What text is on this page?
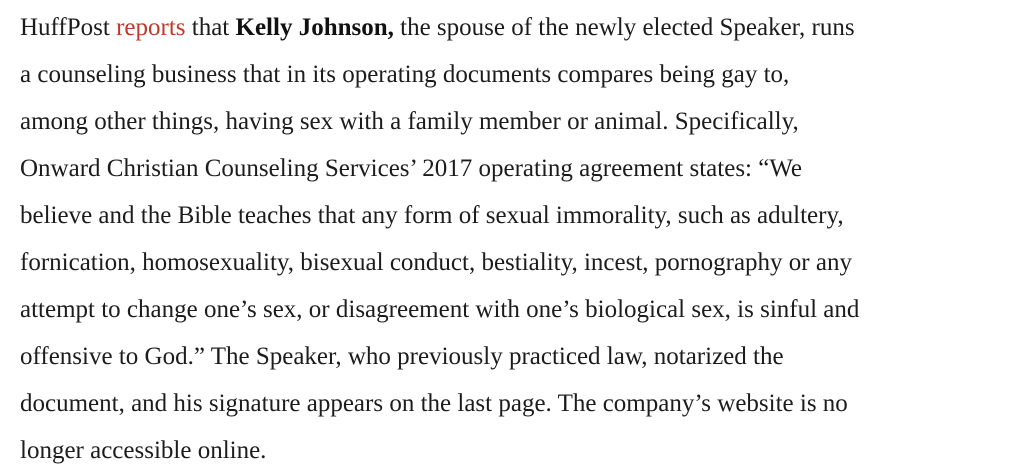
HuffPost reports that Kelly Johnson, the spouse of the newly elected Speaker, runs
a counseling business that in its operating documents compares being gay to,
among other things, having sex with a family member or animal. Specifically,
Onward Christian Counseling Services’ 2017 operating agreement states: “We
believe and the Bible teaches that any form of sexual immorality, such as adultery,
fornication, homosexuality, bisexual conduct, bestiality, incest, pornography or any
attempt to change one’s sex, or disagreement with one’s biological sex, is sinful and
offensive to God.” The Speaker, who previously practiced law, notarized the
document, and his signature appears on the last page. The company’s website is no
longer accessible online.
